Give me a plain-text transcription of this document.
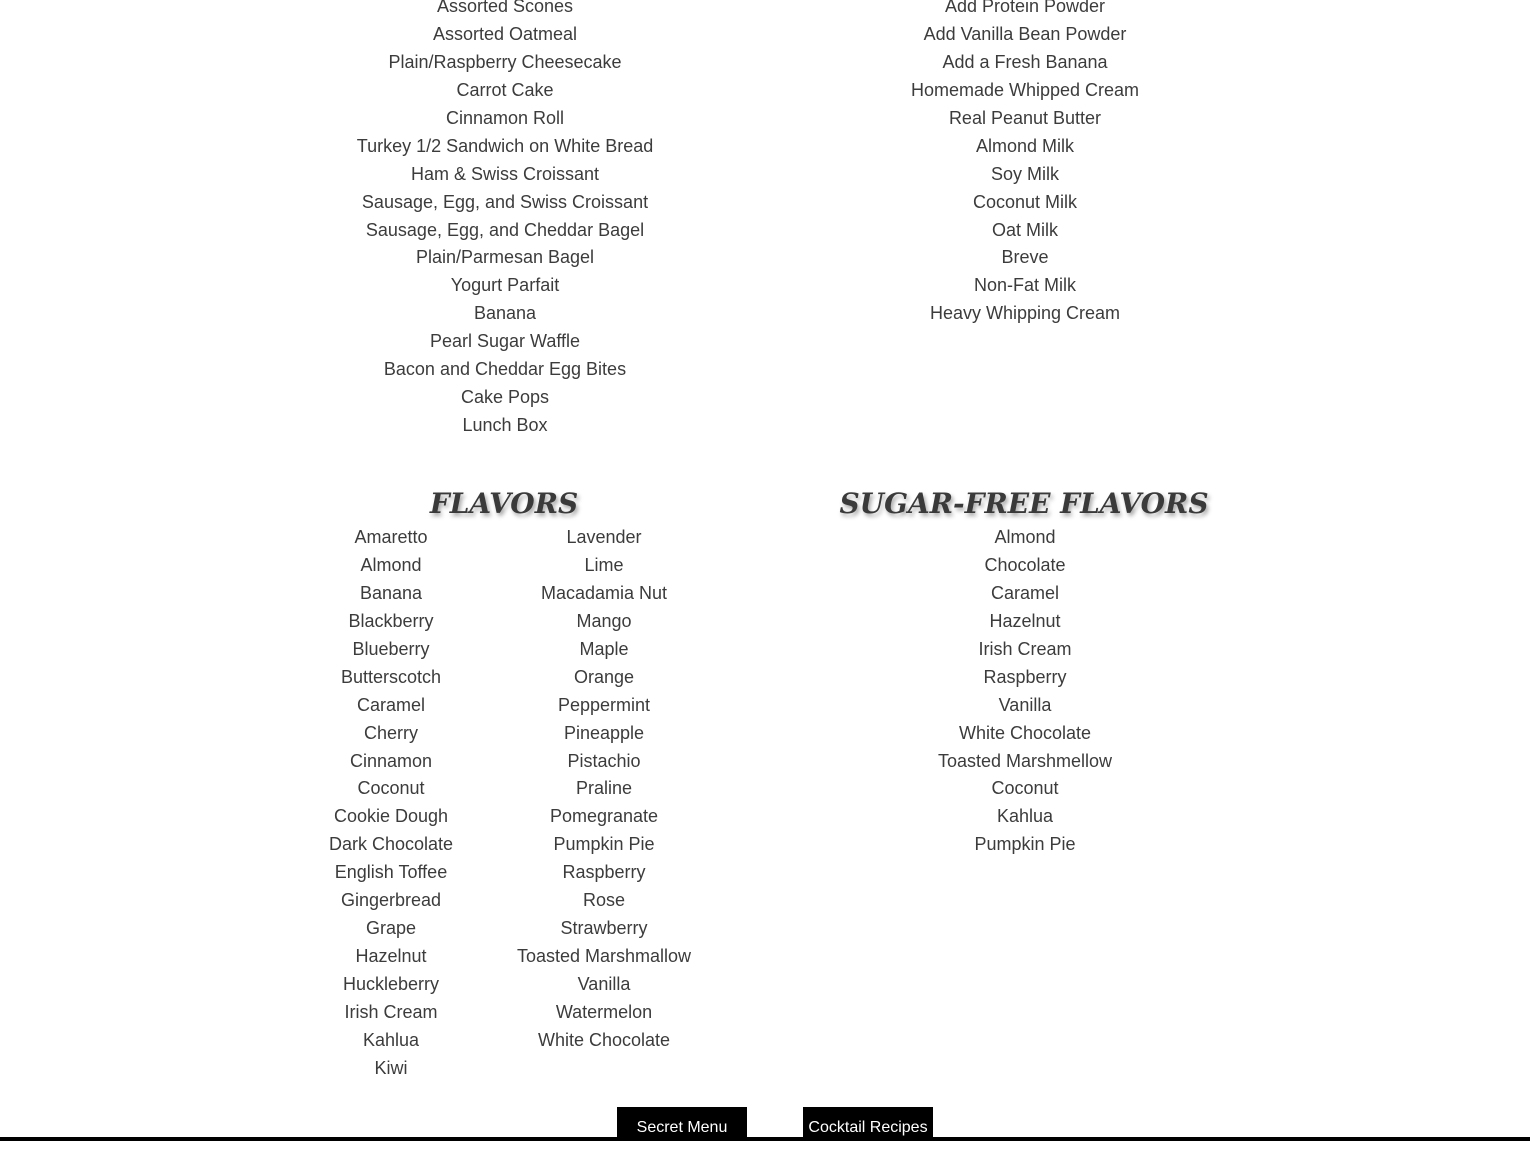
Assorted Scones
Assorted Oatmeal
Plain/Raspberry Cheesecake
Carrot Cake
Cinnamon Roll
Turkey 1/2 Sandwich on White Bread
Ham & Swiss Croissant
Sausage, Egg, and Swiss Croissant
Sausage, Egg, and Cheddar Bagel
Plain/Parmesan Bagel
Yogurt Parfait
Banana
Pearl Sugar Waffle
Bacon and Cheddar Egg Bites
Cake Pops
Lunch Box
Add Protein Powder
Add Vanilla Bean Powder
Add a Fresh Banana
Homemade Whipped Cream
Real Peanut Butter
Almond Milk
Soy Milk
Coconut Milk
Oat Milk
Breve
Non-Fat Milk
Heavy Whipping Cream
FLAVORS	SUGAR-FREE FLAVORS
Amaretto
Almond
Banana
Blackberry
Blueberry
Butterscotch
Caramel
Cherry
Cinnamon
Coconut
Cookie Dough
Dark Chocolate
English Toffee
Gingerbread
Grape
Hazelnut
Huckleberry
Irish Cream
Kahlua
Kiwi
Lavender
Lime
Macadamia Nut
Mango
Maple
Orange
Peppermint
Pineapple
Pistachio
Praline
Pomegranate
Pumpkin Pie
Raspberry
Rose
Strawberry
Toasted Marshmallow
Vanilla
Watermelon
White Chocolate
Almond
Chocolate
Caramel
Hazelnut
Irish Cream
Raspberry
Vanilla
White Chocolate
Toasted Marshmellow
Coconut
Kahlua
Pumpkin Pie
Secret Menu	Cocktail Recipes
